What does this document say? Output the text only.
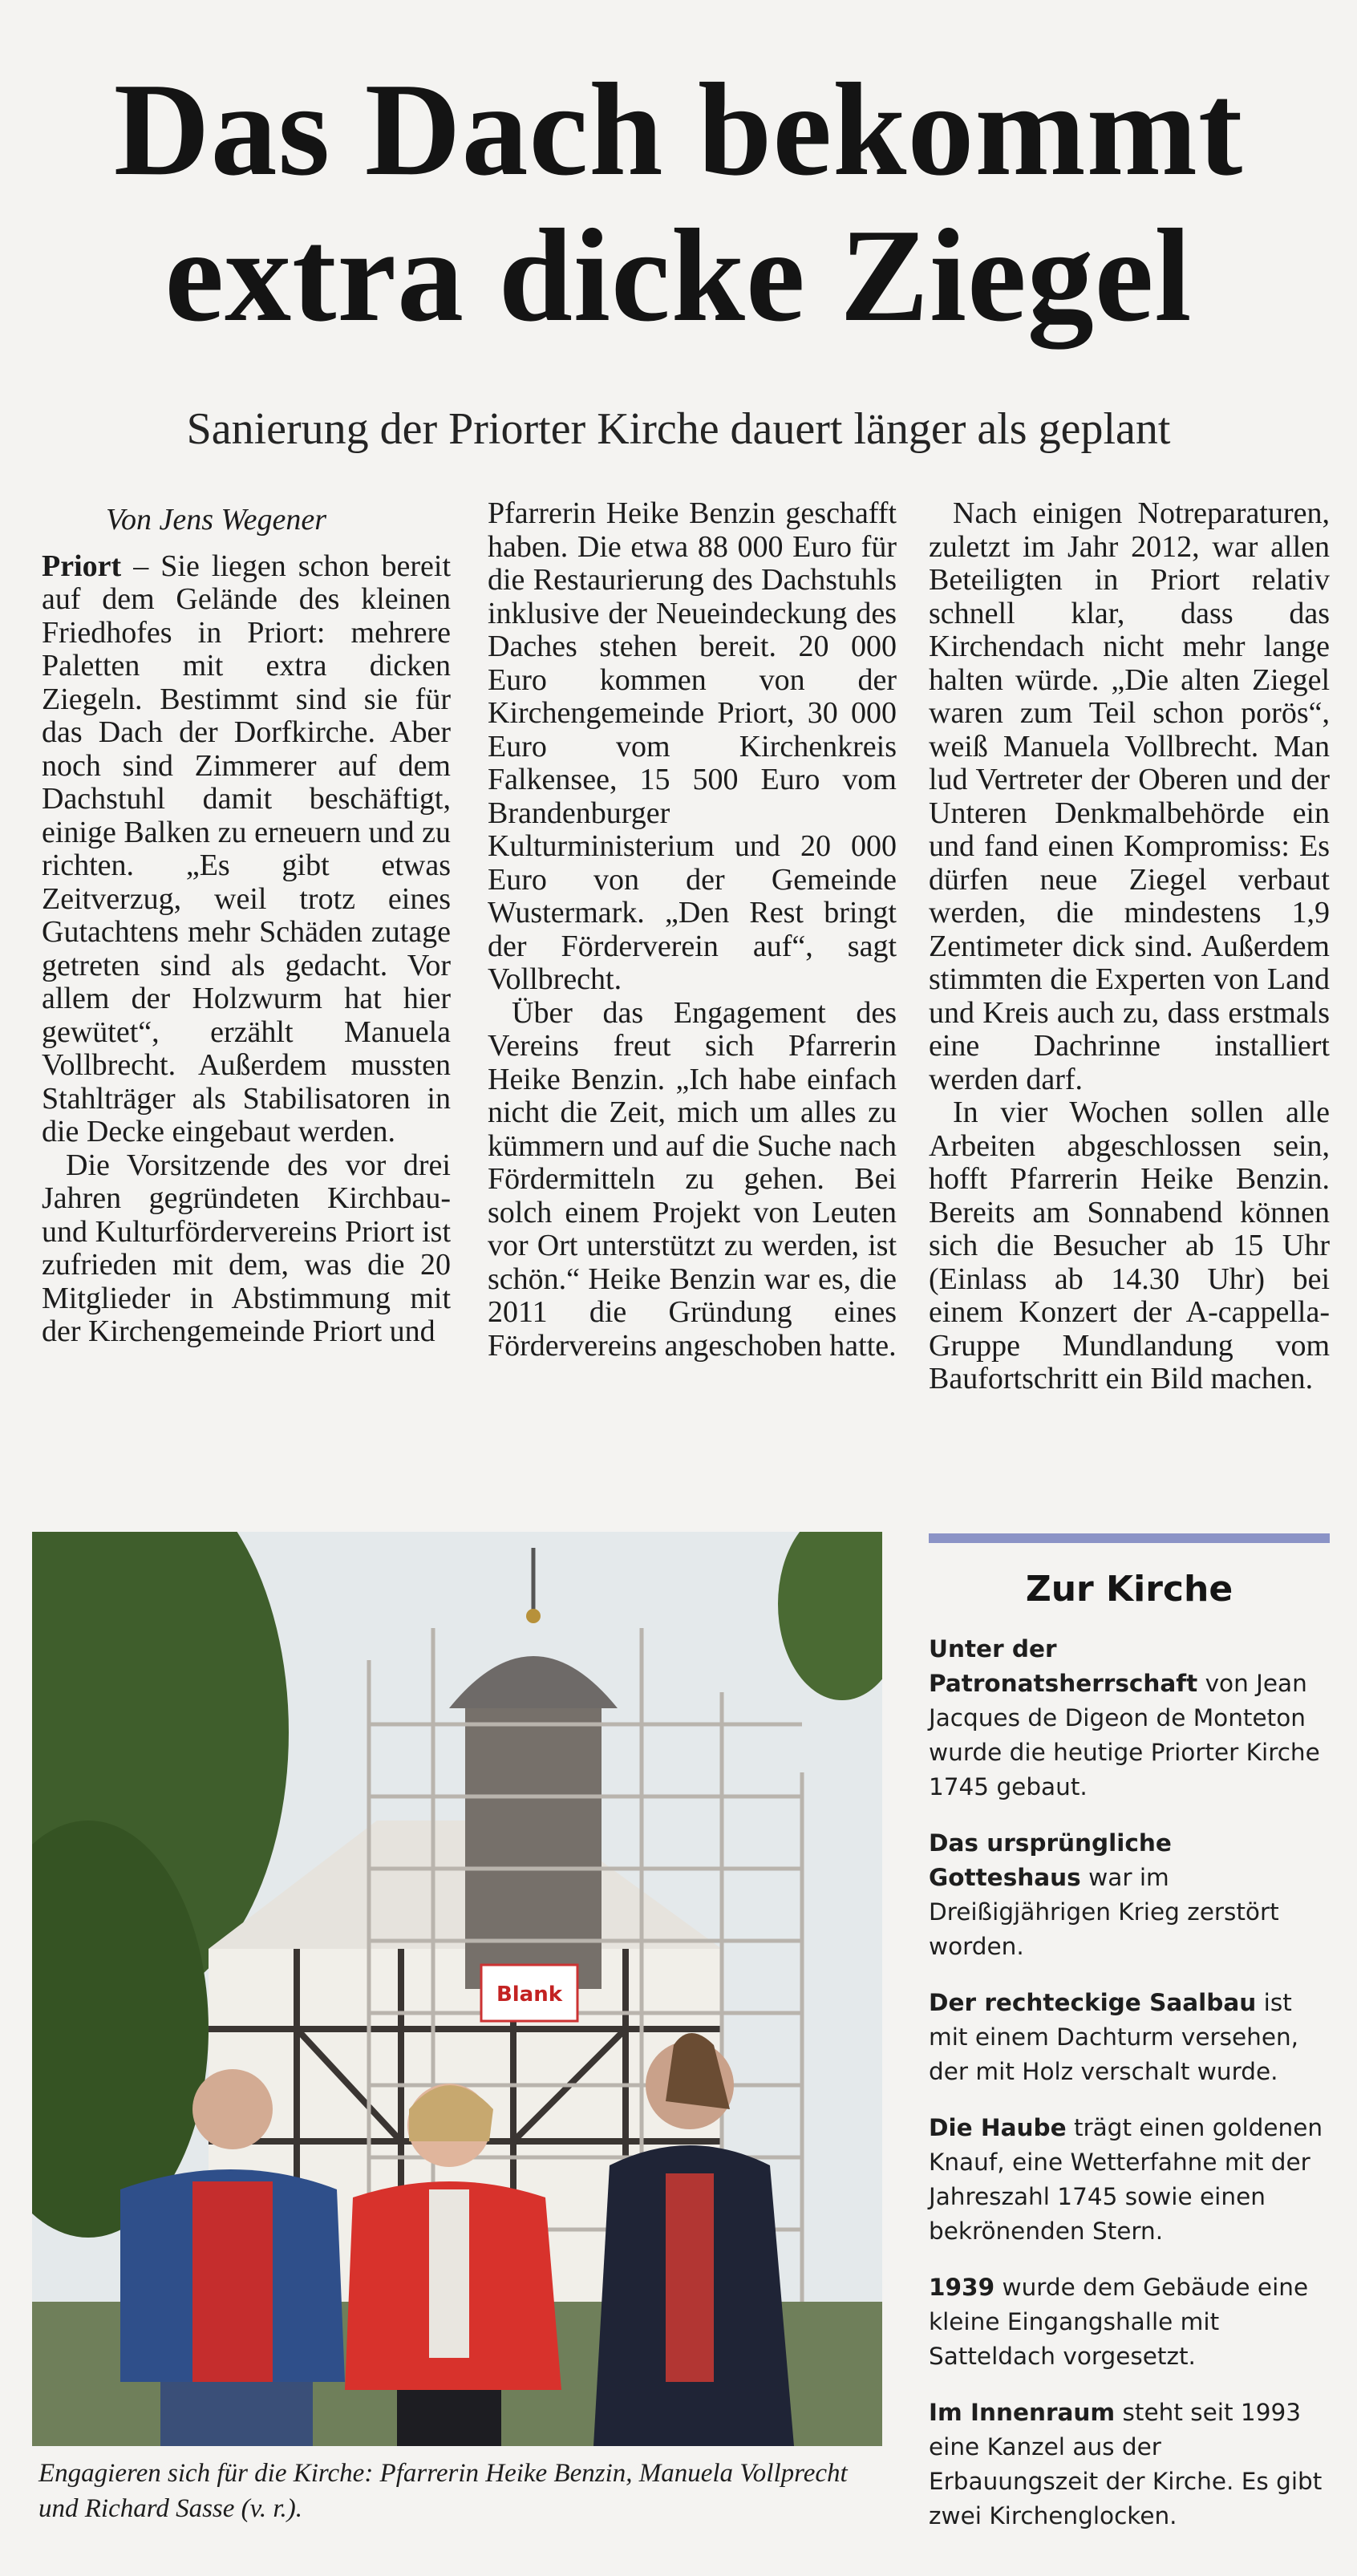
Das Dach bekommt
extra dicke Ziegel
Sanierung der Priorter Kirche dauert länger als geplant

Von Jens Wegener

Priort – Sie liegen schon bereit auf dem Gelände des kleinen Friedhofes in Priort: mehrere Paletten mit extra dicken Ziegeln. Bestimmt sind sie für das Dach der Dorfkirche. Aber noch sind Zimmerer auf dem Dachstuhl damit beschäftigt, einige Balken zu erneuern und zu richten. „Es gibt etwas Zeitverzug, weil trotz eines Gutachtens mehr Schäden zutage getreten sind als gedacht. Vor allem der Holzwurm hat hier gewütet“, erzählt Manuela Vollbrecht. Außerdem mussten Stahlträger als Stabilisatoren in die Decke eingebaut werden.

Die Vorsitzende des vor drei Jahren gegründeten Kirchbau- und Kulturfördervereins Priort ist zufrieden mit dem, was die 20 Mitglieder in Abstimmung mit der Kirchengemeinde Priort und

Pfarrerin Heike Benzin geschafft haben. Die etwa 88 000 Euro für die Restaurierung des Dachstuhls inklusive der Neueindeckung des Daches stehen bereit. 20 000 Euro kommen von der Kirchengemeinde Priort, 30 000 Euro vom Kirchenkreis Falkensee, 15 500 Euro vom Brandenburger Kulturministerium und 20 000 Euro von der Gemeinde Wustermark. „Den Rest bringt der Förderverein auf“, sagt Vollbrecht.

Über das Engagement des Vereins freut sich Pfarrerin Heike Benzin. „Ich habe einfach nicht die Zeit, mich um alles zu kümmern und auf die Suche nach Fördermitteln zu gehen. Bei solch einem Projekt von Leuten vor Ort unterstützt zu werden, ist schön.“ Heike Benzin war es, die 2011 die Gründung eines Fördervereins angeschoben hatte.

Nach einigen Notreparaturen, zuletzt im Jahr 2012, war allen Beteiligten in Priort relativ schnell klar, dass das Kirchendach nicht mehr lange halten würde. „Die alten Ziegel waren zum Teil schon porös“, weiß Manuela Vollbrecht. Man lud Vertreter der Oberen und der Unteren Denkmalbehörde ein und fand einen Kompromiss: Es dürfen neue Ziegel verbaut werden, die mindestens 1,9 Zentimeter dick sind. Außerdem stimmten die Experten von Land und Kreis auch zu, dass erstmals eine Dachrinne installiert werden darf.

In vier Wochen sollen alle Arbeiten abgeschlossen sein, hofft Pfarrerin Heike Benzin. Bereits am Sonnabend können sich die Besucher ab 15 Uhr (Einlass ab 14.30 Uhr) bei einem Konzert der A-cappella-Gruppe Mundlandung vom Baufortschritt ein Bild machen.

Blank
Engagieren sich für die Kirche: Pfarrerin Heike Benzin, Manuela Vollprecht und Richard Sasse (v. r.).
Zur Kirche

Unter der Patronatsherrschaft von Jean Jacques de Digeon de Monteton wurde die heutige Priorter Kirche 1745 gebaut.

Das ursprüngliche Gotteshaus war im Dreißigjährigen Krieg zerstört worden.

Der rechteckige Saalbau ist mit einem Dachturm versehen, der mit Holz verschalt wurde.

Die Haube trägt einen goldenen Knauf, eine Wetterfahne mit der Jahreszahl 1745 sowie einen bekrönenden Stern.

1939 wurde dem Gebäude eine kleine Eingangshalle mit Satteldach vorgesetzt.

Im Innenraum steht seit 1993 eine Kanzel aus der Erbauungszeit der Kirche. Es gibt zwei Kirchenglocken.
